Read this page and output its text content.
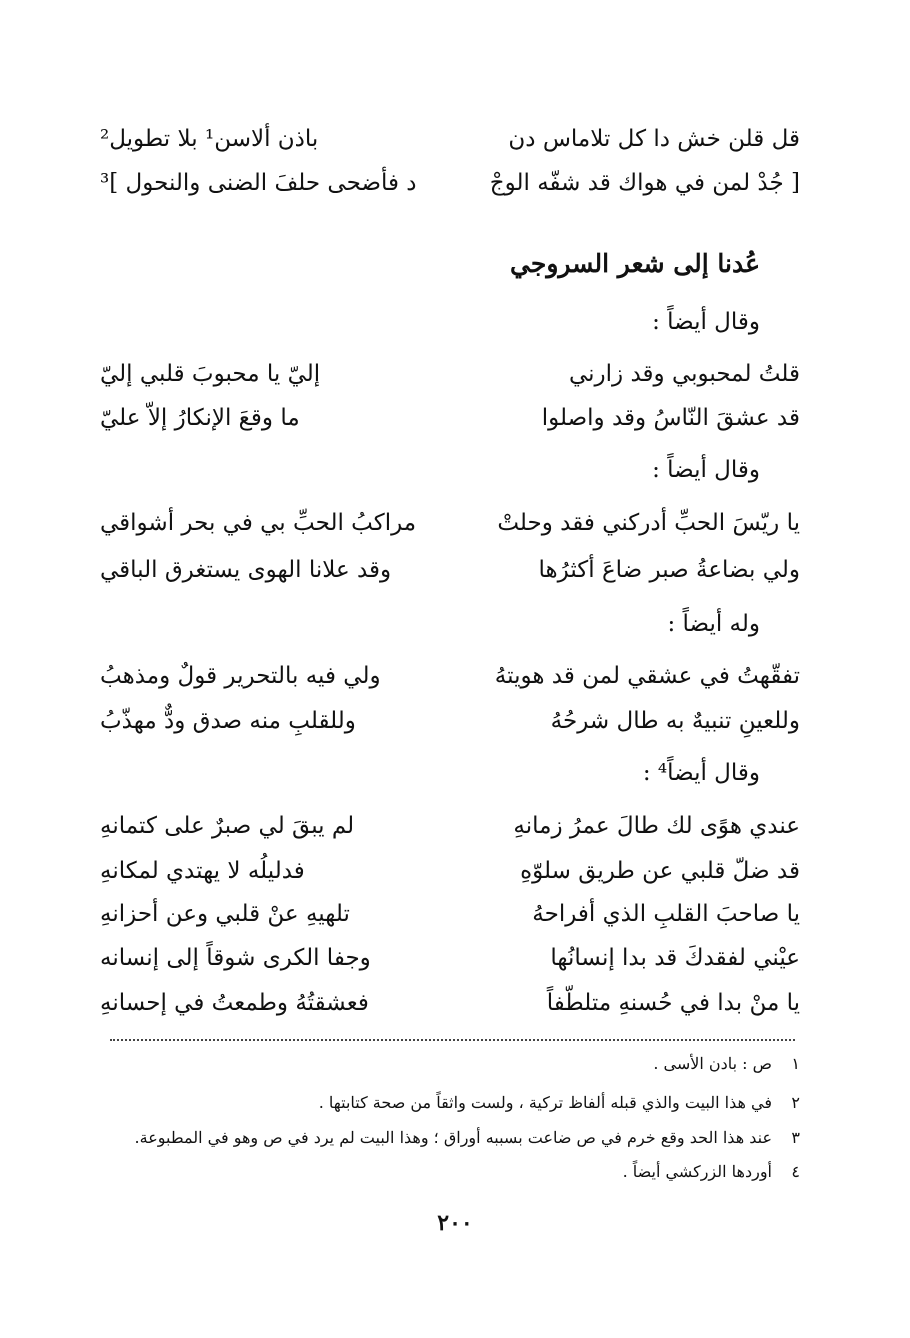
قل قلن خش دا كل تلاماس دن
باذن ألاسن¹ بلا تطويل²
[ جُدْ لمن في هواك قد شفّه الوجْ
د فأضحى حلفَ الضنى والنحول ]³
عُدنا إلى شعر السروجي
وقال أيضاً :
قلتُ لمحبوبي وقد زارني
إليّ يا محبوبَ قلبي إليّ
قد عشقَ النّاسُ وقد واصلوا
ما وقعَ الإنكارُ إلاّ عليّ
وقال أيضاً :
يا ريّسَ الحبِّ أدركني فقد وحلتْ
مراكبُ الحبِّ بي في بحر أشواقي
ولي بضاعةُ صبر ضاعَ أكثرُها
وقد علانا الهوى يستغرق الباقي
وله أيضاً :
تفقّهتُ في عشقي لمن قد هويتهُ
ولي فيه بالتحرير قولٌ ومذهبُ
وللعينِ تنبيهٌ به طال شرحُهُ
وللقلبِ منه صدق ودٌّ مهذّبُ
وقال أيضاً⁴ :
عندي هوًى لك طالَ عمرُ زمانهِ
لم يبقَ لي صبرٌ على كتمانهِ
قد ضلّ قلبي عن طريق سلوّهِ
فدليلُه لا يهتدي لمكانهِ
يا صاحبَ القلبِ الذي أفراحهُ
تلهيهِ عنْ قلبي وعن أحزانهِ
عيْني لفقدكَ قد بدا إنسانُها
وجفا الكرى شوقاً إلى إنسانه
يا منْ بدا في حُسنهِ متلطّفاً
فعشقتُهُ وطمعتُ في إحسانهِ
١ص : بادن الأسى .
٢في هذا البيت والذي قبله ألفاظ تركية ، ولست واثقاً من صحة كتابتها .
٣عند هذا الحد وقع خرم في ص ضاعت بسببه أوراق ؛ وهذا البيت لم يرد في ص وهو في المطبوعة.
٤أوردها الزركشي أيضاً .
٢٠٠
